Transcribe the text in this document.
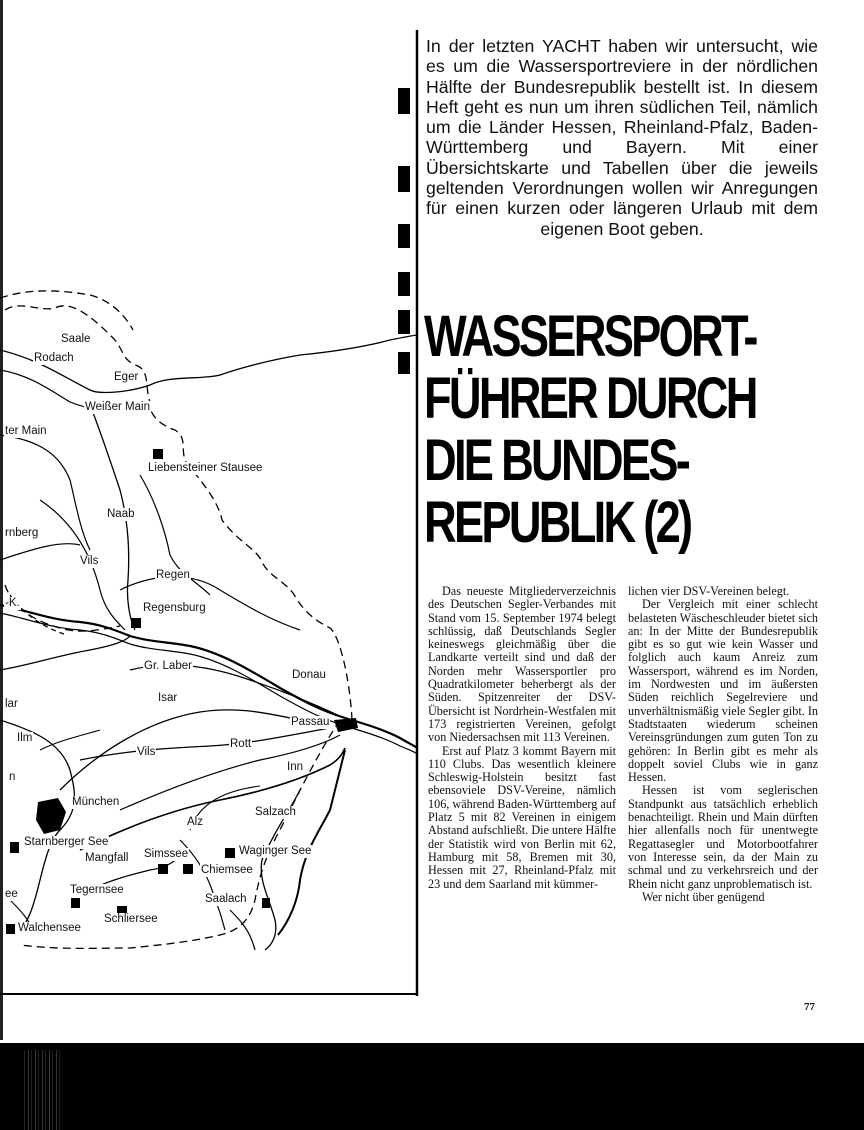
Saale
Rodach
Eger
Weißer Main
ter Main
Liebensteiner Stausee
Naab
rnberg
Vils
Regen
-K.	Regensburg
Gr. Laber
Donau
Isar
lar
Passau
Ilm
Vils
Rott
Inn
n
München
Salzach
Alz
Starnberger See
Waginger See
Mangfall Simssee
Chiemsee
ee	Tegernsee
Saalach
Schliersee
Walchensee
In der letzten YACHT haben wir untersucht, wie es um die Wassersportreviere in der nördlichen Hälfte der Bundesrepublik bestellt ist. In diesem Heft geht es nun um ihren südlichen Teil, nämlich um die Länder Hessen, Rheinland-Pfalz, Baden-Württemberg und Bayern. Mit einer Übersichtskarte und Tabellen über die jeweils geltenden Verordnungen wollen wir Anregungen für einen kurzen oder längeren Urlaub mit dem eigenen Boot geben.
WASSERSPORT-
FÜHRER DURCH
DIE BUNDES-
REPUBLIK (2)

Das neueste Mitgliederverzeichnis des Deutschen Segler-Verbandes mit Stand vom 15. September 1974 belegt schlüssig, daß Deutschlands Segler keineswegs gleichmäßig über die Landkarte verteilt sind und daß der Norden mehr Wassersportler pro Quadratkilometer beherbergt als der Süden. Spitzenreiter der DSV-Übersicht ist Nordrhein-Westfalen mit 173 registrierten Vereinen, gefolgt von Niedersachsen mit 113 Vereinen.

Erst auf Platz 3 kommt Bayern mit 110 Clubs. Das wesentlich kleinere Schleswig-Holstein besitzt fast ebensoviele DSV-Vereine, nämlich 106, während Baden-Württemberg auf Platz 5 mit 82 Vereinen in einigem Abstand aufschließt. Die untere Hälfte der Statistik wird von Berlin mit 62, Hamburg mit 58, Bremen mit 30, Hessen mit 27, Rheinland-Pfalz mit 23 und dem Saarland mit kümmer-

lichen vier DSV-Vereinen belegt.

Der Vergleich mit einer schlecht belasteten Wäscheschleuder bietet sich an: In der Mitte der Bundesrepublik gibt es so gut wie kein Wasser und folglich auch kaum Anreiz zum Wassersport, während es im Norden, im Nordwesten und im äußersten Süden reichlich Segelreviere und unverhältnismäßig viele Segler gibt. In Stadtstaaten wiederum scheinen Vereinsgründungen zum guten Ton zu gehören: In Berlin gibt es mehr als doppelt soviel Clubs wie in ganz Hessen.

Hessen ist vom seglerischen Standpunkt aus tatsächlich erheblich benachteiligt. Rhein und Main dürften hier allenfalls noch für unentwegte Regattasegler und Motorbootfahrer von Interesse sein, da der Main zu schmal und zu verkehrsreich und der Rhein nicht ganz unproblematisch ist.

Wer nicht über genügend

77
